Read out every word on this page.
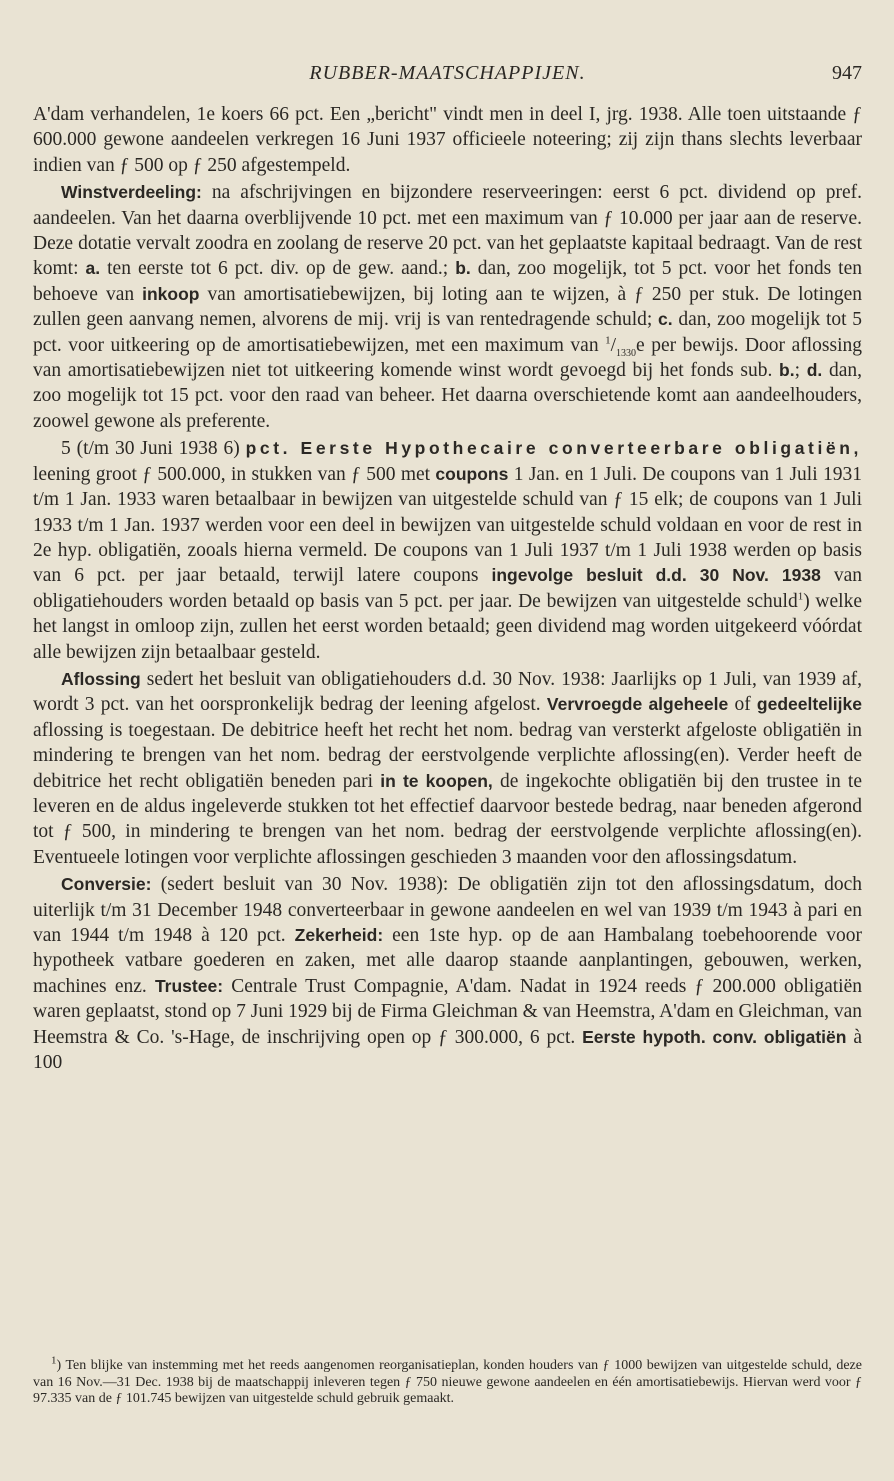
RUBBER-MAATSCHAPPIJEN.	947

A'dam verhandelen, 1e koers 66 pct. Een „bericht" vindt men in deel I, jrg. 1938. Alle toen uitstaande ƒ 600.000 gewone aandeelen verkregen 16 Juni 1937 officieele noteering; zij zijn thans slechts leverbaar indien van ƒ 500 op ƒ 250 afgestempeld.

Winstverdeeling: na afschrijvingen en bijzondere reserveeringen: eerst 6 pct. dividend op pref. aandeelen. Van het daarna overblijvende 10 pct. met een maximum van ƒ 10.000 per jaar aan de reserve. Deze dotatie vervalt zoodra en zoolang de reserve 20 pct. van het geplaatste kapitaal bedraagt. Van de rest komt: a. ten eerste tot 6 pct. div. op de gew. aand.; b. dan, zoo mogelijk, tot 5 pct. voor het fonds ten behoeve van inkoop van amortisatiebewijzen, bij loting aan te wijzen, à ƒ 250 per stuk. De lotingen zullen geen aanvang nemen, alvorens de mij. vrij is van rentedragende schuld; c. dan, zoo mogelijk tot 5 pct. voor uitkeering op de amortisatiebewijzen, met een maximum van $^1/_{1330}e$ per bewijs. Door aflossing van amortisatiebewijzen niet tot uitkeering komende winst wordt gevoegd bij het fonds sub. b.; d. dan, zoo mogelijk tot 15 pct. voor den raad van beheer. Het daarna overschietende komt aan aandeelhouders, zoowel gewone als preferente.

5 (t/m 30 Juni 1938 6) pct. Eerste Hypothecaire converteerbare obligatiën, leening groot ƒ 500.000, in stukken van ƒ 500 met coupons 1 Jan. en 1 Juli. De coupons van 1 Juli 1931 t/m 1 Jan. 1933 waren betaalbaar in bewijzen van uitgestelde schuld van ƒ 15 elk; de coupons van 1 Juli 1933 t/m 1 Jan. 1937 werden voor een deel in bewijzen van uitgestelde schuld voldaan en voor de rest in 2e hyp. obligatiën, zooals hierna vermeld. De coupons van 1 Juli 1937 t/m 1 Juli 1938 werden op basis van 6 pct. per jaar betaald, terwijl latere coupons ingevolge besluit d.d. 30 Nov. 1938 van obligatiehouders worden betaald op basis van 5 pct. per jaar. De bewijzen van uitgestelde schuld$^1$) welke het langst in omloop zijn, zullen het eerst worden betaald; geen dividend mag worden uitgekeerd vóórdat alle bewijzen zijn betaalbaar gesteld.

Aflossing sedert het besluit van obligatiehouders d.d. 30 Nov. 1938: Jaarlijks op 1 Juli, van 1939 af, wordt 3 pct. van het oorspronkelijk bedrag der leening afgelost. Vervroegde algeheele of gedeeltelijke aflossing is toegestaan. De debitrice heeft het recht het nom. bedrag van versterkt afgeloste obligatiën in mindering te brengen van het nom. bedrag der eerstvolgende verplichte aflossing(en). Verder heeft de debitrice het recht obligatiën beneden pari in te koopen, de ingekochte obligatiën bij den trustee in te leveren en de aldus ingeleverde stukken tot het effectief daarvoor bestede bedrag, naar beneden afgerond tot ƒ 500, in mindering te brengen van het nom. bedrag der eerstvolgende verplichte aflossing(en). Eventueele lotingen voor verplichte aflossingen geschieden 3 maanden voor den aflossingsdatum.

Conversie: (sedert besluit van 30 Nov. 1938): De obligatiën zijn tot den aflossingsdatum, doch uiterlijk t/m 31 December 1948 converteerbaar in gewone aandeelen en wel van 1939 t/m 1943 à pari en van 1944 t/m 1948 à 120 pct. Zekerheid: een 1ste hyp. op de aan Hambalang toebehoorende voor hypotheek vatbare goederen en zaken, met alle daarop staande aanplantingen, gebouwen, werken, machines enz. Trustee: Centrale Trust Compagnie, A'dam. Nadat in 1924 reeds ƒ 200.000 obligatiën waren geplaatst, stond op 7 Juni 1929 bij de Firma Gleichman & van Heemstra, A'dam en Gleichman, van Heemstra & Co. 's-Hage, de inschrijving open op ƒ 300.000, 6 pct. Eerste hypoth. conv. obligatiën à 100

$^1$) Ten blijke van instemming met het reeds aangenomen reorganisatieplan, konden houders van ƒ 1000 bewijzen van uitgestelde schuld, deze van 16 Nov.—31 Dec. 1938 bij de maatschappij inleveren tegen ƒ 750 nieuwe gewone aandeelen en één amortisatiebewijs. Hiervan werd voor ƒ 97.335 van de ƒ 101.745 bewijzen van uitgestelde schuld gebruik gemaakt.
